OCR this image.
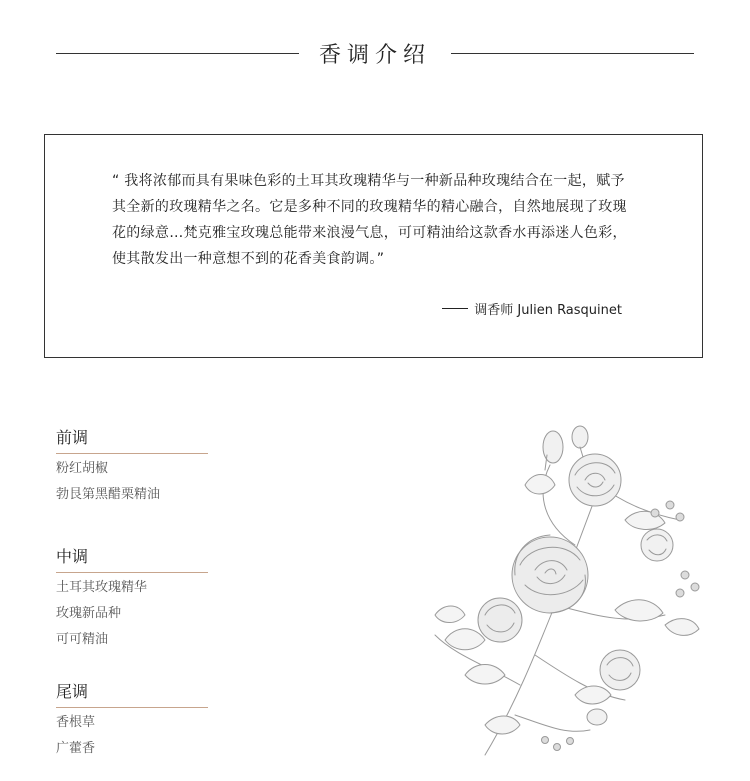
香调介绍

“ 我将浓郁而具有果味色彩的土耳其玫瑰精华与一种新品种玫瑰结合在一起，赋予其全新的玫瑰精华之名。它是多种不同的玫瑰精华的精心融合，自然地展现了玫瑰花的绿意…梵克雅宝玫瑰总能带来浪漫气息，可可精油给这款香水再添迷人色彩，使其散发出一种意想不到的花香美食韵调。”

调香师 Julien Rasquinet

前调

粉红胡椒

勃艮第黑醋栗精油

中调

土耳其玫瑰精华

玫瑰新品种

可可精油

尾调

香根草

广藿香
